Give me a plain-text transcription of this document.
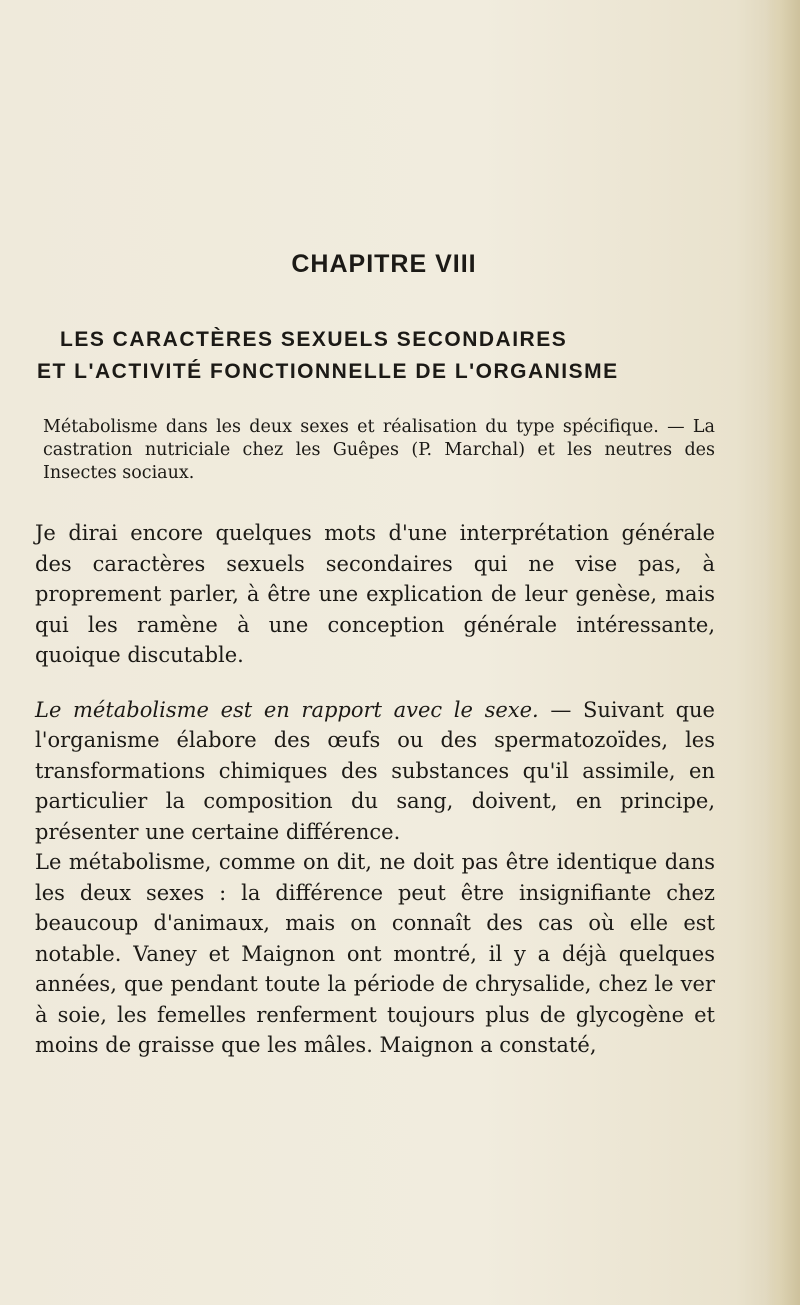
CHAPITRE VIII
LES CARACTÈRES SEXUELS SECONDAIRES
ET L'ACTIVITÉ FONCTIONNELLE DE L'ORGANISME

Métabolisme dans les deux sexes et réalisation du type spécifique. — La castration nutriciale chez les Guêpes (P. Marchal) et les neutres des Insectes sociaux.

Je dirai encore quelques mots d'une interprétation générale des caractères sexuels secondaires qui ne vise pas, à proprement parler, à être une explication de leur genèse, mais qui les ramène à une conception générale intéressante, quoique discutable.

Le métabolisme est en rapport avec le sexe. — Suivant que l'organisme élabore des œufs ou des spermatozoïdes, les transformations chimiques des substances qu'il assimile, en particulier la composition du sang, doivent, en principe, présenter une certaine différence.

Le métabolisme, comme on dit, ne doit pas être identique dans les deux sexes : la différence peut être insignifiante chez beaucoup d'animaux, mais on connaît des cas où elle est notable. Vaney et Maignon ont montré, il y a déjà quelques années, que pendant toute la période de chrysalide, chez le ver à soie, les femelles renferment toujours plus de glycogène et moins de graisse que les mâles. Maignon a constaté,
